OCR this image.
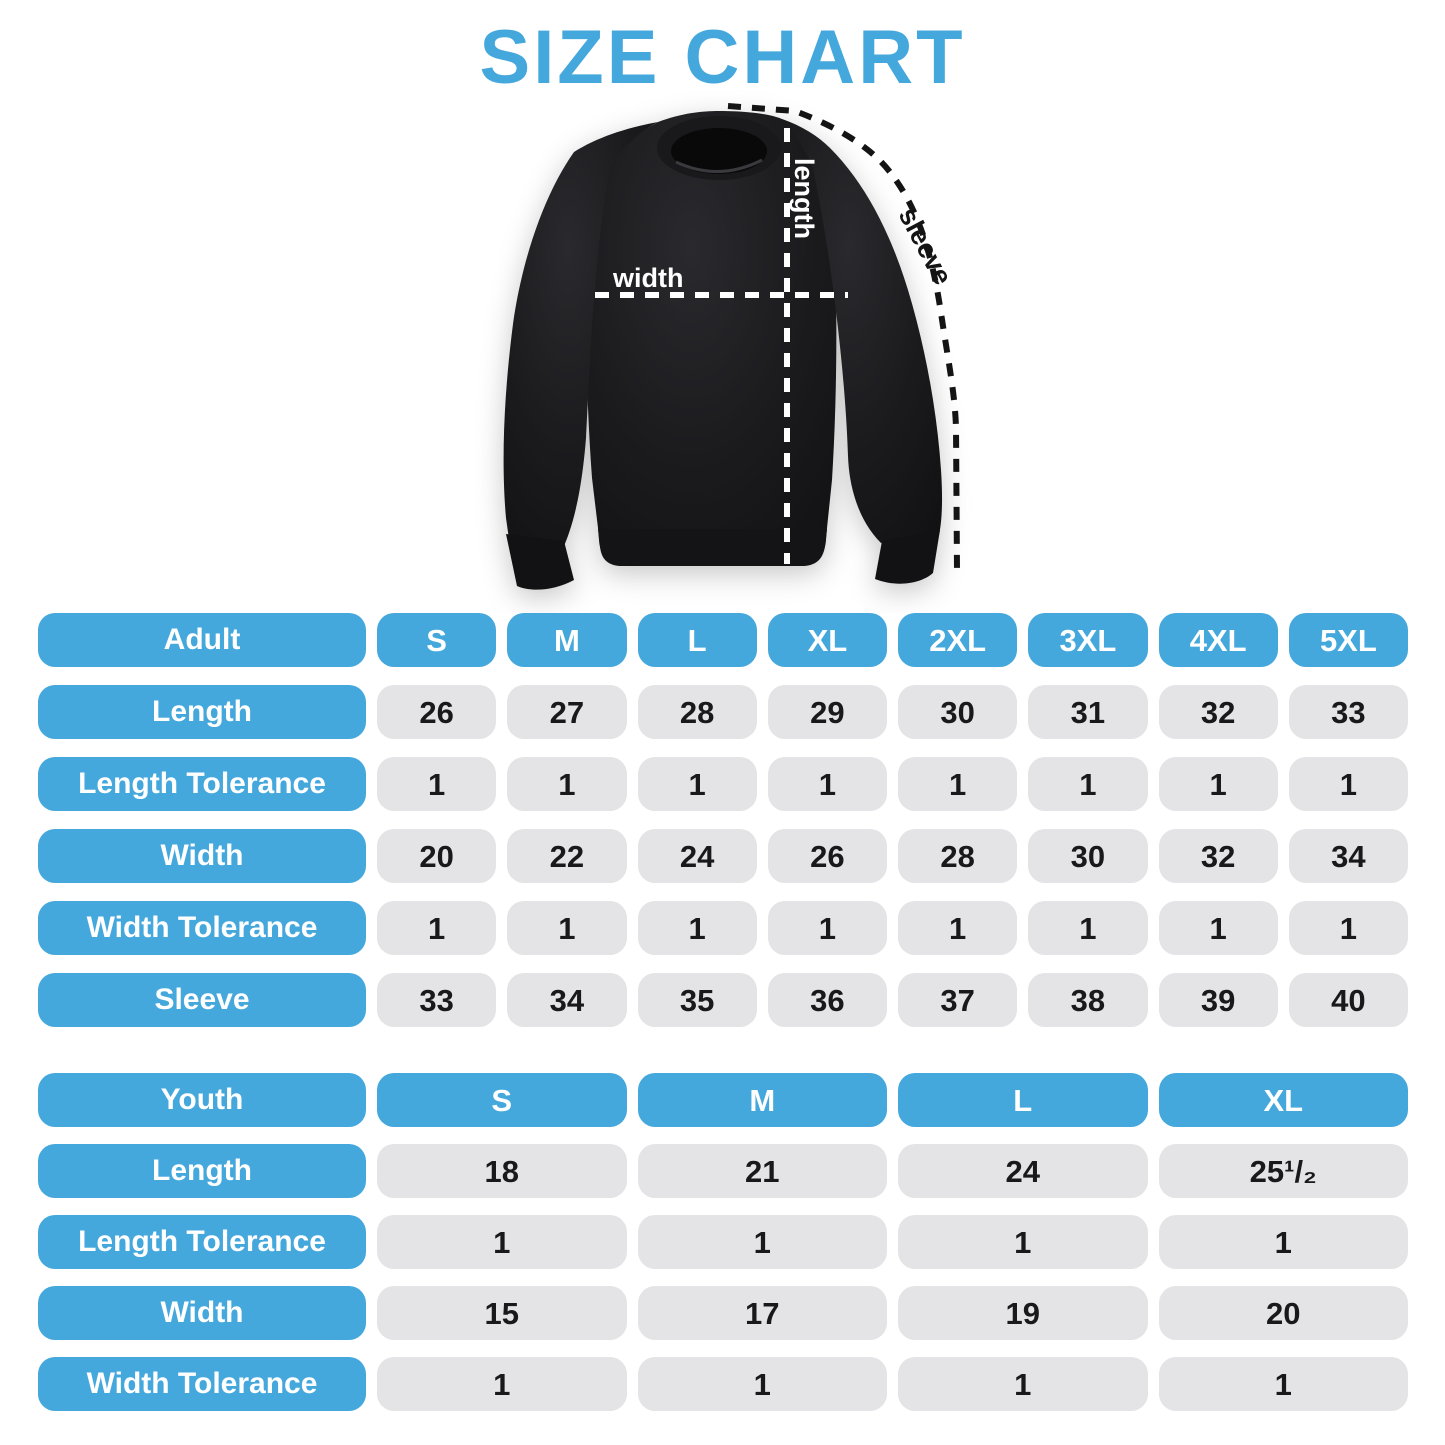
SIZE CHART
width
length
sleeve
Adult	S	M	L	XL	2XL	3XL	4XL	5XL
Length	26	27	28	29	30	31	32	33
Length Tolerance	1	1	1	1	1	1	1	1
Width	20	22	24	26	28	30	32	34
Width Tolerance	1	1	1	1	1	1	1	1
Sleeve	33	34	35	36	37	38	39	40
Youth	S	M	L	XL
Length	18	21	24	25¹/₂
Length Tolerance	1	1	1	1
Width	15	17	19	20
Width Tolerance	1	1	1	1
